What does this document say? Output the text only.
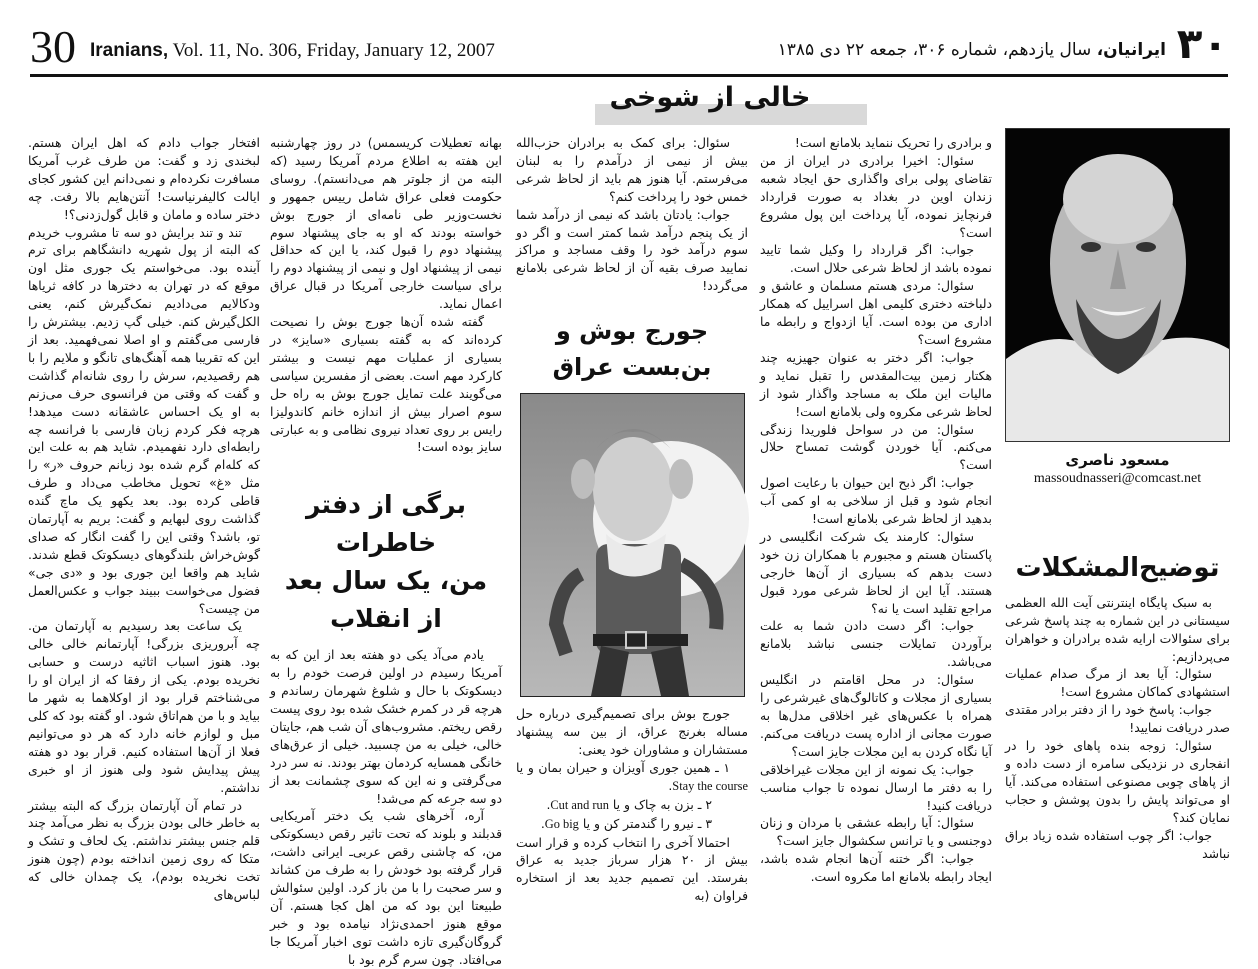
30 Iranians, Vol. 11, No. 306, Friday, January 12, 2007	۳۰
ایرانیان، سال یازدهم، شماره ۳۰۶، جمعه ۲۲ دی ۱۳۸۵
خالی از شوخی
مسعود ناصری
massoudnasseri@comcast.net
توضیح‌المشکلات

به سبک پایگاه اینترنتی آیت الله العظمی سیستانی در این شماره به چند پاسخ شرعی برای سئوالات ارایه شده برادران و خواهران می‌پردازیم:

سئوال: آیا بعد از مرگ صدام عملیات استشهادی کماکان مشروع است!

جواب: پاسخ خود را از دفتر برادر مقتدی صدر دریافت نمایید!

سئوال: زوجه بنده پاهای خود را در انفجاری در نزدیکی سامره از دست داده و از پاهای چوبی مصنوعی استفاده می‌کند. آیا او می‌تواند پایش را بدون پوشش و حجاب نمایان کند؟

جواب: اگر چوب استفاده شده زیاد براق نباشد

و برادری را تحریک ننماید بلامانع است!

سئوال: اخیرا برادری در ایران از من تقاضای پولی برای واگذاری حق ایجاد شعبه زندان اوین در بغداد به صورت قرارداد فرنچایز نموده، آیا پرداخت این پول مشروع است؟

جواب: اگر قرارداد را وکیل شما تایید نموده باشد از لحاظ شرعی حلال است.

سئوال: مردی هستم مسلمان و عاشق و دلباخته دختری کلیمی اهل اسراییل که همکار اداری من بوده است. آیا ازدواج و رابطه ما مشروع است؟

جواب: اگر دختر به عنوان جهیزیه چند هکتار زمین بیت‌المقدس را تقبل نماید و مالیات این ملک به مساجد واگذار شود از لحاظ شرعی مکروه ولی بلامانع است!

سئوال: من در سواحل فلوریدا زندگی می‌کنم. آیا خوردن گوشت تمساح حلال است؟

جواب: اگر ذبح این حیوان با رعایت اصول انجام شود و قبل از سلاخی به او کمی آب بدهید از لحاظ شرعی بلامانع است!

سئوال: کارمند یک شرکت انگلیسی در پاکستان هستم و مجبورم با همکاران زن خود دست بدهم که بسیاری از آن‌ها خارجی هستند. آیا این از لحاظ شرعی مورد قبول مراجع تقلید است یا نه؟

جواب: اگر دست دادن شما به علت برآوردن تمایلات جنسی نباشد بلامانع می‌باشد.

سئوال: در محل اقامتم در انگلیس بسیاری از مجلات و کاتالوگ‌های غیرشرعی را همراه با عکس‌های غیر اخلاقی مدل‌ها به صورت مجانی از اداره پست دریافت می‌کنم. آیا نگاه کردن به این مجلات جایز است؟

جواب: یک نمونه از این مجلات غیراخلاقی را به دفتر ما ارسال نموده تا جواب مناسب دریافت کنید!

سئوال: آیا رابطه عشقی با مردان و زنان دوجنسی و یا ترانس سکشوال جایز است؟

جواب: اگر ختنه آن‌ها انجام شده باشد، ایجاد رابطه بلامانع اما مکروه است.

سئوال: برای کمک به برادران حزب‌الله بیش از نیمی از درآمدم را به لبنان می‌فرستم. آیا هنوز هم باید از لحاظ شرعی خمس خود را پرداخت کنم؟

جواب: یادتان باشد که نیمی از درآمد شما از یک پنجم درآمد شما کمتر است و اگر دو سوم درآمد خود را وقف مساجد و مراکز نمایید صرف بقیه آن از لحاظ شرعی بلامانع می‌گردد!

جورج بوش و بن‌بست عراق

جورج بوش برای تصمیم‌گیری درباره حل مساله بغرنج عراق، از بین سه پیشنهاد مستشاران و مشاوران خود یعنی:

۱ ـ همین جوری آویزان و حیران بمان و یا Stay the course.

۲ ـ بزن به چاک و یا Cut and run.

۳ ـ نیرو را گندمتر کن و یا Go big.

احتمالا آخری را انتخاب کرده و قرار است بیش از ۲۰ هزار سرباز جدید به عراق بفرستد. این تصمیم جدید بعد از استخاره فراوان (به

بهانه تعطیلات کریسمس) در روز چهارشنبه این هفته به اطلاع مردم آمریکا رسید (که البته من از جلوتر هم می‌دانستم). روسای حکومت فعلی عراق شامل رییس جمهور و نخست‌وزیر طی نامه‌ای از جورج بوش خواسته بودند که او به جای پیشنهاد سوم پیشنهاد دوم را قبول کند، یا این که حداقل نیمی از پیشنهاد اول و نیمی از پیشنهاد دوم را برای سیاست خارجی آمریکا در قبال عراق اعمال نماید.

گفته شده آن‌ها جورج بوش را نصیحت کرده‌اند که به گفته بسیاری «سایز» در بسیاری از عملیات مهم نیست و بیشتر کارکرد مهم است. بعضی از مفسرین سیاسی می‌گویند علت تمایل جورج بوش به راه حل سوم اصرار بیش از اندازه خانم کاندولیزا رایس بر روی تعداد نیروی نظامی و به عبارتی سایز بوده است!

برگی از دفتر خاطرات
من، یک سال بعد از انقلاب

یادم می‌آد یکی دو هفته بعد از این که به آمریکا رسیدم در اولین فرصت خودم را به دیسکوتک با حال و شلوغ شهرمان رساندم و هرچه قر در کمرم خشک شده بود روی پیست رقص ریختم. مشروب‌های آن شب هم، جایتان خالی، خیلی به من چسبید. خیلی از عرق‌های خانگی همسایه کردمان بهتر بودند. نه سر درد می‌گرفتی و نه این که سوی چشمانت بعد از دو سه جرعه کم می‌شد!

آره، آخرهای شب یک دختر آمریکایی قدبلند و بلوند که تحت تاثیر رقص دیسکوتکی من، که چاشنی رقص عربی‌ـ ایرانی داشت، قرار گرفته بود خودش را به طرف من کشاند و سر صحبت را با من باز کرد. اولین سئوالش طبیعتا این بود که من اهل کجا هستم. آن موقع هنوز احمدی‌نژاد نیامده بود و خبر گروگان‌گیری تازه داشت توی اخبار آمریکا جا می‌افتاد. چون سرم گرم بود با

افتخار جواب دادم که اهل ایران هستم. لبخندی زد و گفت: من طرف غرب آمریکا مسافرت نکرده‌ام و نمی‌دانم این کشور کجای ایالت کالیفرنیاست! آنتن‌هایم بالا رفت. چه دختر ساده و مامان و قابل گول‌زدنی؟!

تند و تند برایش دو سه تا مشروب خریدم که البته از پول شهریه دانشگاهم برای ترم آینده بود. می‌خواستم یک جوری مثل اون موقع که در تهران به دخترها در کافه ثریاها ودکالایم می‌دادیم نمک‌گیرش کنم، یعنی الکل‌گیرش کنم. خیلی گپ زدیم. بیشترش را فارسی می‌گفتم و او اصلا نمی‌فهمید. بعد از این که تقریبا همه آهنگ‌های تانگو و ملایم را با هم رقصیدیم، سرش را روی شانه‌ام گذاشت و گفت که وقتی من فرانسوی حرف می‌زنم به او یک احساس عاشقانه دست میدهد! هرچه فکر کردم زبان فارسی با فرانسه چه رابطه‌ای دارد نفهمیدم. شاید هم به علت این که کله‌ام گرم شده بود زبانم حروف «ر» را مثل «غ» تحویل مخاطب می‌داد و طرف قاطی کرده بود. بعد یکهو یک ماچ گنده گذاشت روی لبهایم و گفت: بریم به آپارتمان تو، باشد؟ وقتی این را گفت انگار که صدای گوش‌خراش بلندگوهای دیسکوتک قطع شدند. شاید هم واقعا این جوری بود و «دی جی» فضول می‌خواست ببیند جواب و عکس‌العمل من چیست؟

یک ساعت بعد رسیدیم به آپارتمان من. چه آبروریزی بزرگی! آپارتمانم خالی خالی بود. هنوز اسباب اثاثیه درست و حسابی نخریده بودم. یکی از رفقا که از ایران او را می‌شناختم قرار بود از اوکلاهما به شهر ما بیاید و با من هم‌اتاق شود. او گفته بود که کلی مبل و لوازم خانه دارد که هر دو می‌توانیم فعلا از آن‌ها استفاده کنیم. قرار بود دو هفته پیش پیدایش شود ولی هنوز از او خبری نداشتم.

در تمام آن آپارتمان بزرگ که البته بیشتر به خاطر خالی بودن بزرگ به نظر می‌آمد چند قلم جنس بیشتر نداشتم. یک لحاف و تشک و متکا که روی زمین انداخته بودم (چون هنوز تخت نخریده بودم)، یک چمدان خالی که لباس‌های
